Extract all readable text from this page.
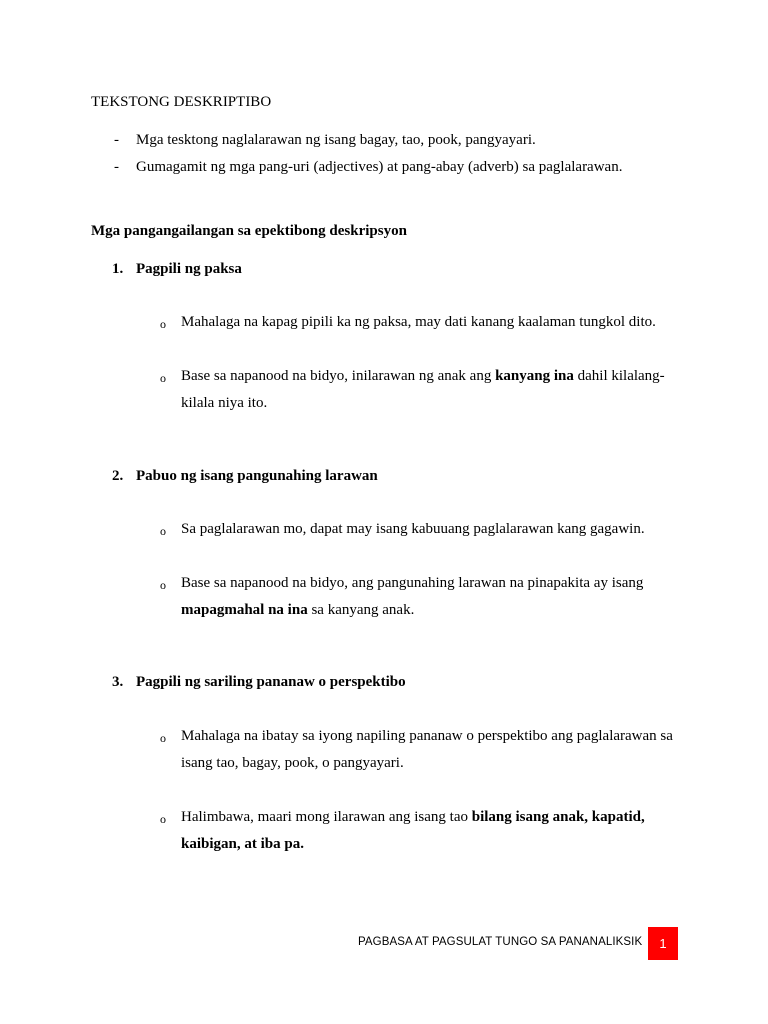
TEKSTONG DESKRIPTIBO
- Mga tesktong naglalarawan ng isang bagay, tao, pook, pangyayari.
- Gumagamit ng mga pang-uri (adjectives) at pang-abay (adverb) sa paglalarawan.
Mga pangangailangan sa epektibong deskripsyon
1. Pagpili ng paksa
o Mahalaga na kapag pipili ka ng paksa, may dati kanang kaalaman tungkol dito.
o Base sa napanood na bidyo, inilarawan ng anak ang kanyang ina dahil kilalang-
kilala niya ito.
2. Pabuo ng isang pangunahing larawan
o Sa paglalarawan mo, dapat may isang kabuuang paglalarawan kang gagawin.
o Base sa napanood na bidyo, ang pangunahing larawan na pinapakita ay isang
mapagmahal na ina sa kanyang anak.
3. Pagpili ng sariling pananaw o perspektibo
o Mahalaga na ibatay sa iyong napiling pananaw o perspektibo ang paglalarawan sa
isang tao, bagay, pook, o pangyayari.
o Halimbawa, maari mong ilarawan ang isang tao bilang isang anak, kapatid,
kaibigan, at iba pa.
PAGBASA AT PAGSULAT TUNGO SA PANANALIKSIK	1
